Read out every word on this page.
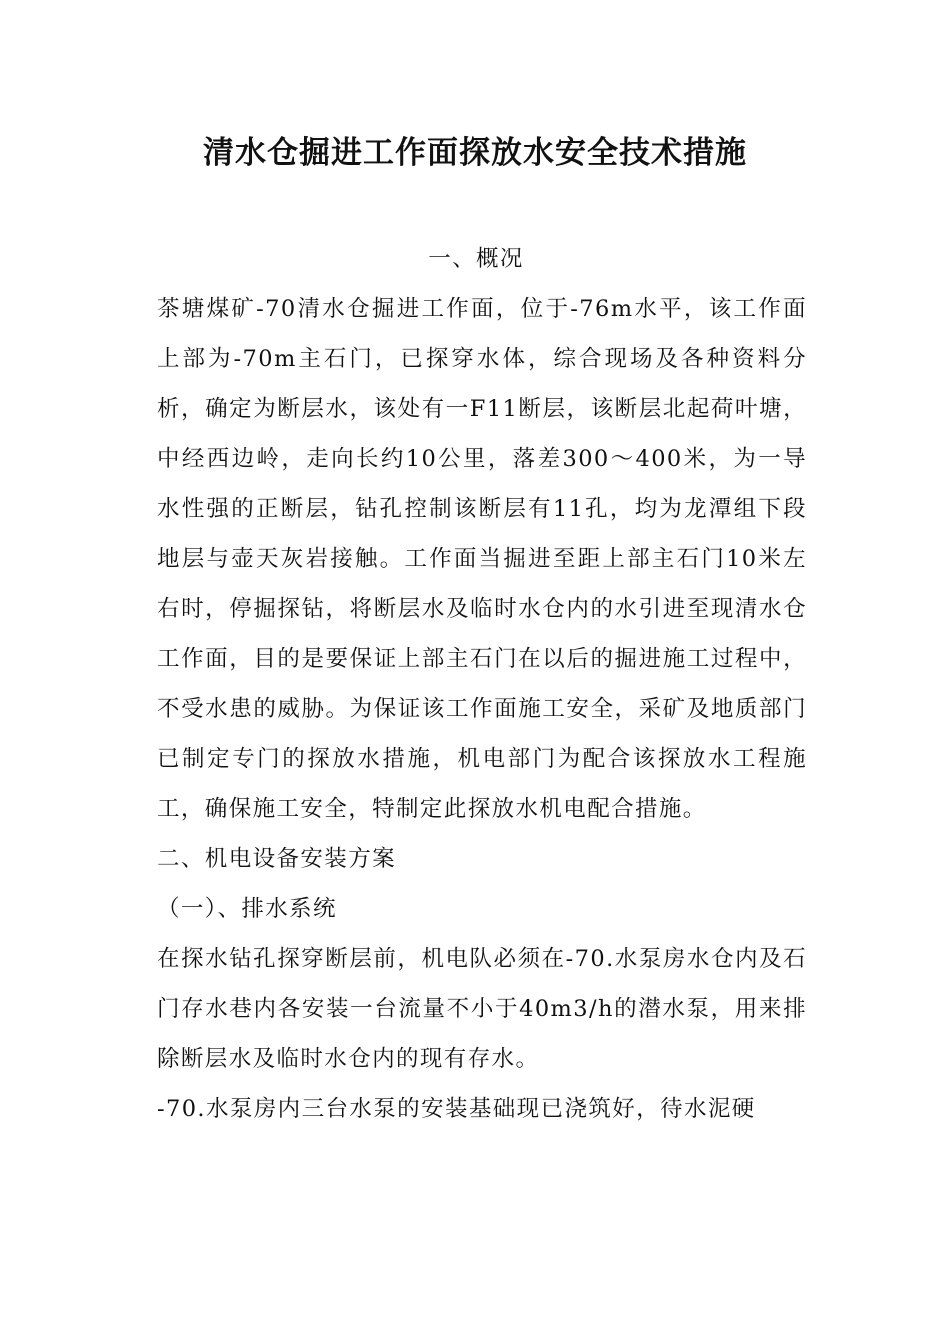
清水仓掘进工作面探放水安全技术措施

一、概况

茶塘煤矿-70清水仓掘进工作面，位于-76m水平，该工作面上部为-70m主石门，已探穿水体，综合现场及各种资料分析，确定为断层水，该处有一F11断层，该断层北起荷叶塘，中经西边岭，走向长约10公里，落差300～400米，为一导水性强的正断层，钻孔控制该断层有11孔，均为龙潭组下段地层与壶天灰岩接触。工作面当掘进至距上部主石门10米左右时，停掘探钻，将断层水及临时水仓内的水引进至现清水仓工作面，目的是要保证上部主石门在以后的掘进施工过程中，不受水患的威胁。为保证该工作面施工安全，采矿及地质部门已制定专门的探放水措施，机电部门为配合该探放水工程施工，确保施工安全，特制定此探放水机电配合措施。

二、机电设备安装方案

（一）、排水系统

在探水钻孔探穿断层前，机电队必须在-70.水泵房水仓内及石门存水巷内各安装一台流量不小于40m3/h的潜水泵，用来排除断层水及临时水仓内的现有存水。

-70.水泵房内三台水泵的安装基础现已浇筑好，待水泥硬
